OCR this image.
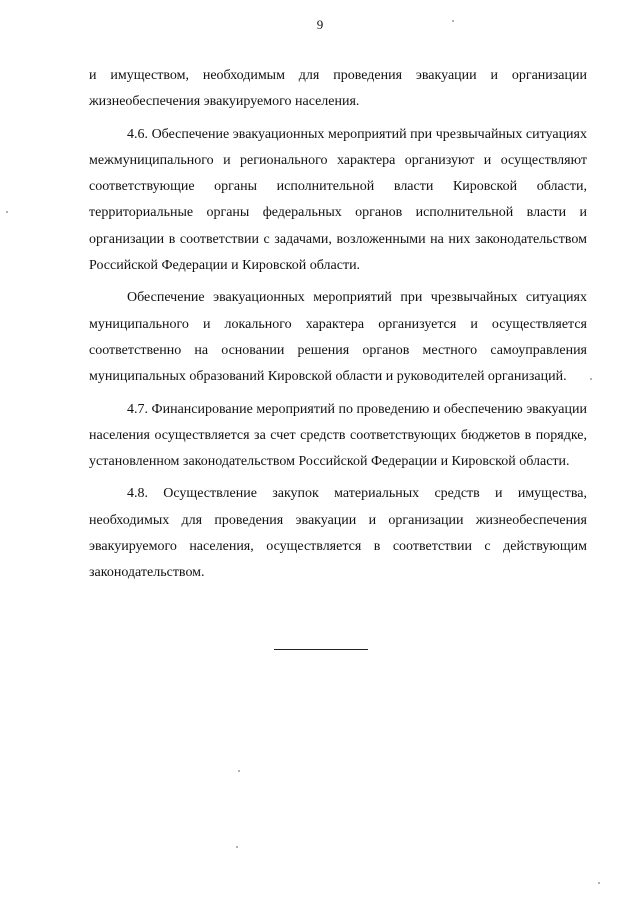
9

и имуществом, необходимым для проведения эвакуации и организации жизнеобеспечения эвакуируемого населения.

4.6. Обеспечение эвакуационных мероприятий при чрезвычайных ситуациях межмуниципального и регионального характера организуют и осуществляют соответствующие органы исполнительной власти Кировской области, территориальные органы федеральных органов исполнительной власти и организации в соответствии с задачами, возложенными на них законодательством Российской Федерации и Кировской области.

Обеспечение эвакуационных мероприятий при чрезвычайных ситуациях муниципального и локального характера организуется и осуществляется соответственно на основании решения органов местного самоуправления муниципальных образований Кировской области и руководителей организаций.

4.7. Финансирование мероприятий по проведению и обеспечению эвакуации населения осуществляется за счет средств соответствующих бюджетов в порядке, установленном законодательством Российской Федерации и Кировской области.

4.8. Осуществление закупок материальных средств и имущества, необходимых для проведения эвакуации и организации жизнеобеспечения эвакуируемого населения, осуществляется в соответствии с действующим законодательством.
